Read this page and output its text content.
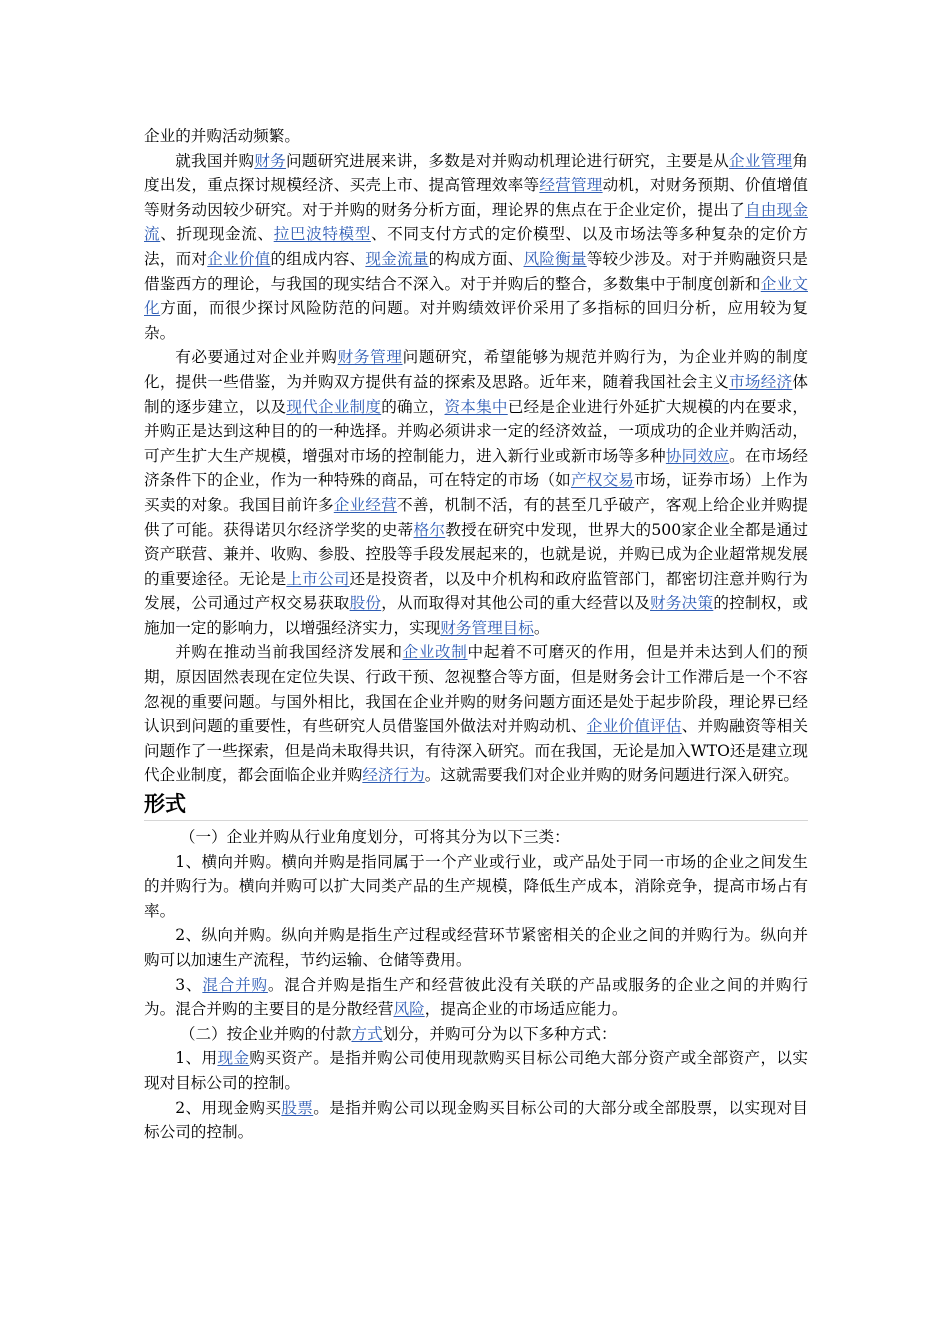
企业的并购活动频繁。

就我国并购财务问题研究进展来讲，多数是对并购动机理论进行研究，主要是从企业管理角度出发，重点探讨规模经济、买壳上市、提高管理效率等经营管理动机，对财务预期、价值增值等财务动因较少研究。对于并购的财务分析方面，理论界的焦点在于企业定价，提出了自由现金流、折现现金流、拉巴波特模型、不同支付方式的定价模型、以及市场法等多种复杂的定价方法，而对企业价值的组成内容、现金流量的构成方面、风险衡量等较少涉及。对于并购融资只是借鉴西方的理论，与我国的现实结合不深入。对于并购后的整合，多数集中于制度创新和企业文化方面，而很少探讨风险防范的问题。对并购绩效评价采用了多指标的回归分析，应用较为复杂。

有必要通过对企业并购财务管理问题研究，希望能够为规范并购行为，为企业并购的制度化，提供一些借鉴，为并购双方提供有益的探索及思路。近年来，随着我国社会主义市场经济体制的逐步建立，以及现代企业制度的确立，资本集中已经是企业进行外延扩大规模的内在要求，并购正是达到这种目的的一种选择。并购必须讲求一定的经济效益，一项成功的企业并购活动，可产生扩大生产规模，增强对市场的控制能力，进入新行业或新市场等多种协同效应。在市场经济条件下的企业，作为一种特殊的商品，可在特定的市场（如产权交易市场，证券市场）上作为买卖的对象。我国目前许多企业经营不善，机制不活，有的甚至几乎破产，客观上给企业并购提供了可能。获得诺贝尔经济学奖的史蒂格尔教授在研究中发现，世界大的500家企业全都是通过资产联营、兼并、收购、参股、控股等手段发展起来的，也就是说，并购已成为企业超常规发展的重要途径。无论是上市公司还是投资者，以及中介机构和政府监管部门，都密切注意并购行为发展，公司通过产权交易获取股份，从而取得对其他公司的重大经营以及财务决策的控制权，或施加一定的影响力，以增强经济实力，实现财务管理目标。

并购在推动当前我国经济发展和企业改制中起着不可磨灭的作用，但是并未达到人们的预期，原因固然表现在定位失误、行政干预、忽视整合等方面，但是财务会计工作滞后是一个不容忽视的重要问题。与国外相比，我国在企业并购的财务问题方面还是处于起步阶段，理论界已经认识到问题的重要性，有些研究人员借鉴国外做法对并购动机、企业价值评估、并购融资等相关问题作了一些探索，但是尚未取得共识，有待深入研究。而在我国，无论是加入WTO还是建立现代企业制度，都会面临企业并购经济行为。这就需要我们对企业并购的财务问题进行深入研究。

形式

（一）企业并购从行业角度划分，可将其分为以下三类：

1、横向并购。横向并购是指同属于一个产业或行业，或产品处于同一市场的企业之间发生的并购行为。横向并购可以扩大同类产品的生产规模，降低生产成本，消除竞争，提高市场占有率。

2、纵向并购。纵向并购是指生产过程或经营环节紧密相关的企业之间的并购行为。纵向并购可以加速生产流程，节约运输、仓储等费用。

3、混合并购。混合并购是指生产和经营彼此没有关联的产品或服务的企业之间的并购行为。混合并购的主要目的是分散经营风险，提高企业的市场适应能力。

（二）按企业并购的付款方式划分，并购可分为以下多种方式：

1、用现金购买资产。是指并购公司使用现款购买目标公司绝大部分资产或全部资产，以实现对目标公司的控制。

2、用现金购买股票。是指并购公司以现金购买目标公司的大部分或全部股票，以实现对目标公司的控制。
